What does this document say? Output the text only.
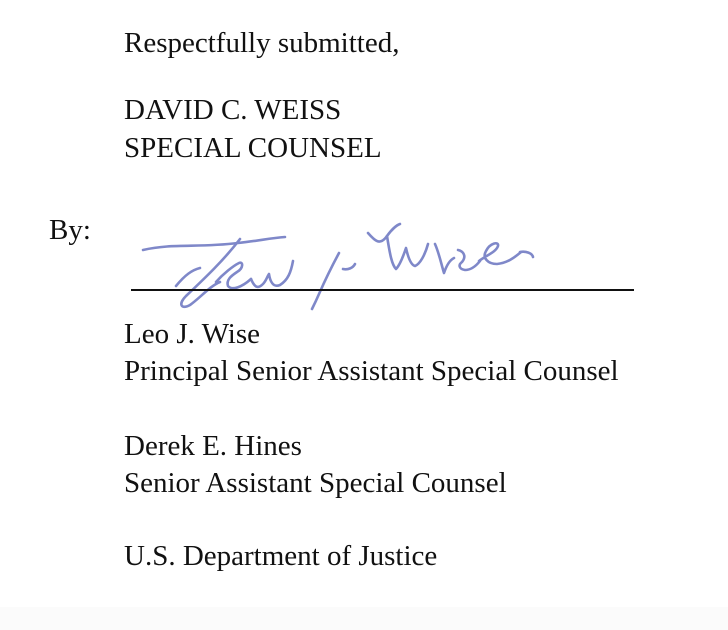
Respectfully submitted,
DAVID C. WEISS
SPECIAL COUNSEL
By:
Leo J. Wise
Principal Senior Assistant Special Counsel
Derek E. Hines
Senior Assistant Special Counsel
U.S. Department of Justice
